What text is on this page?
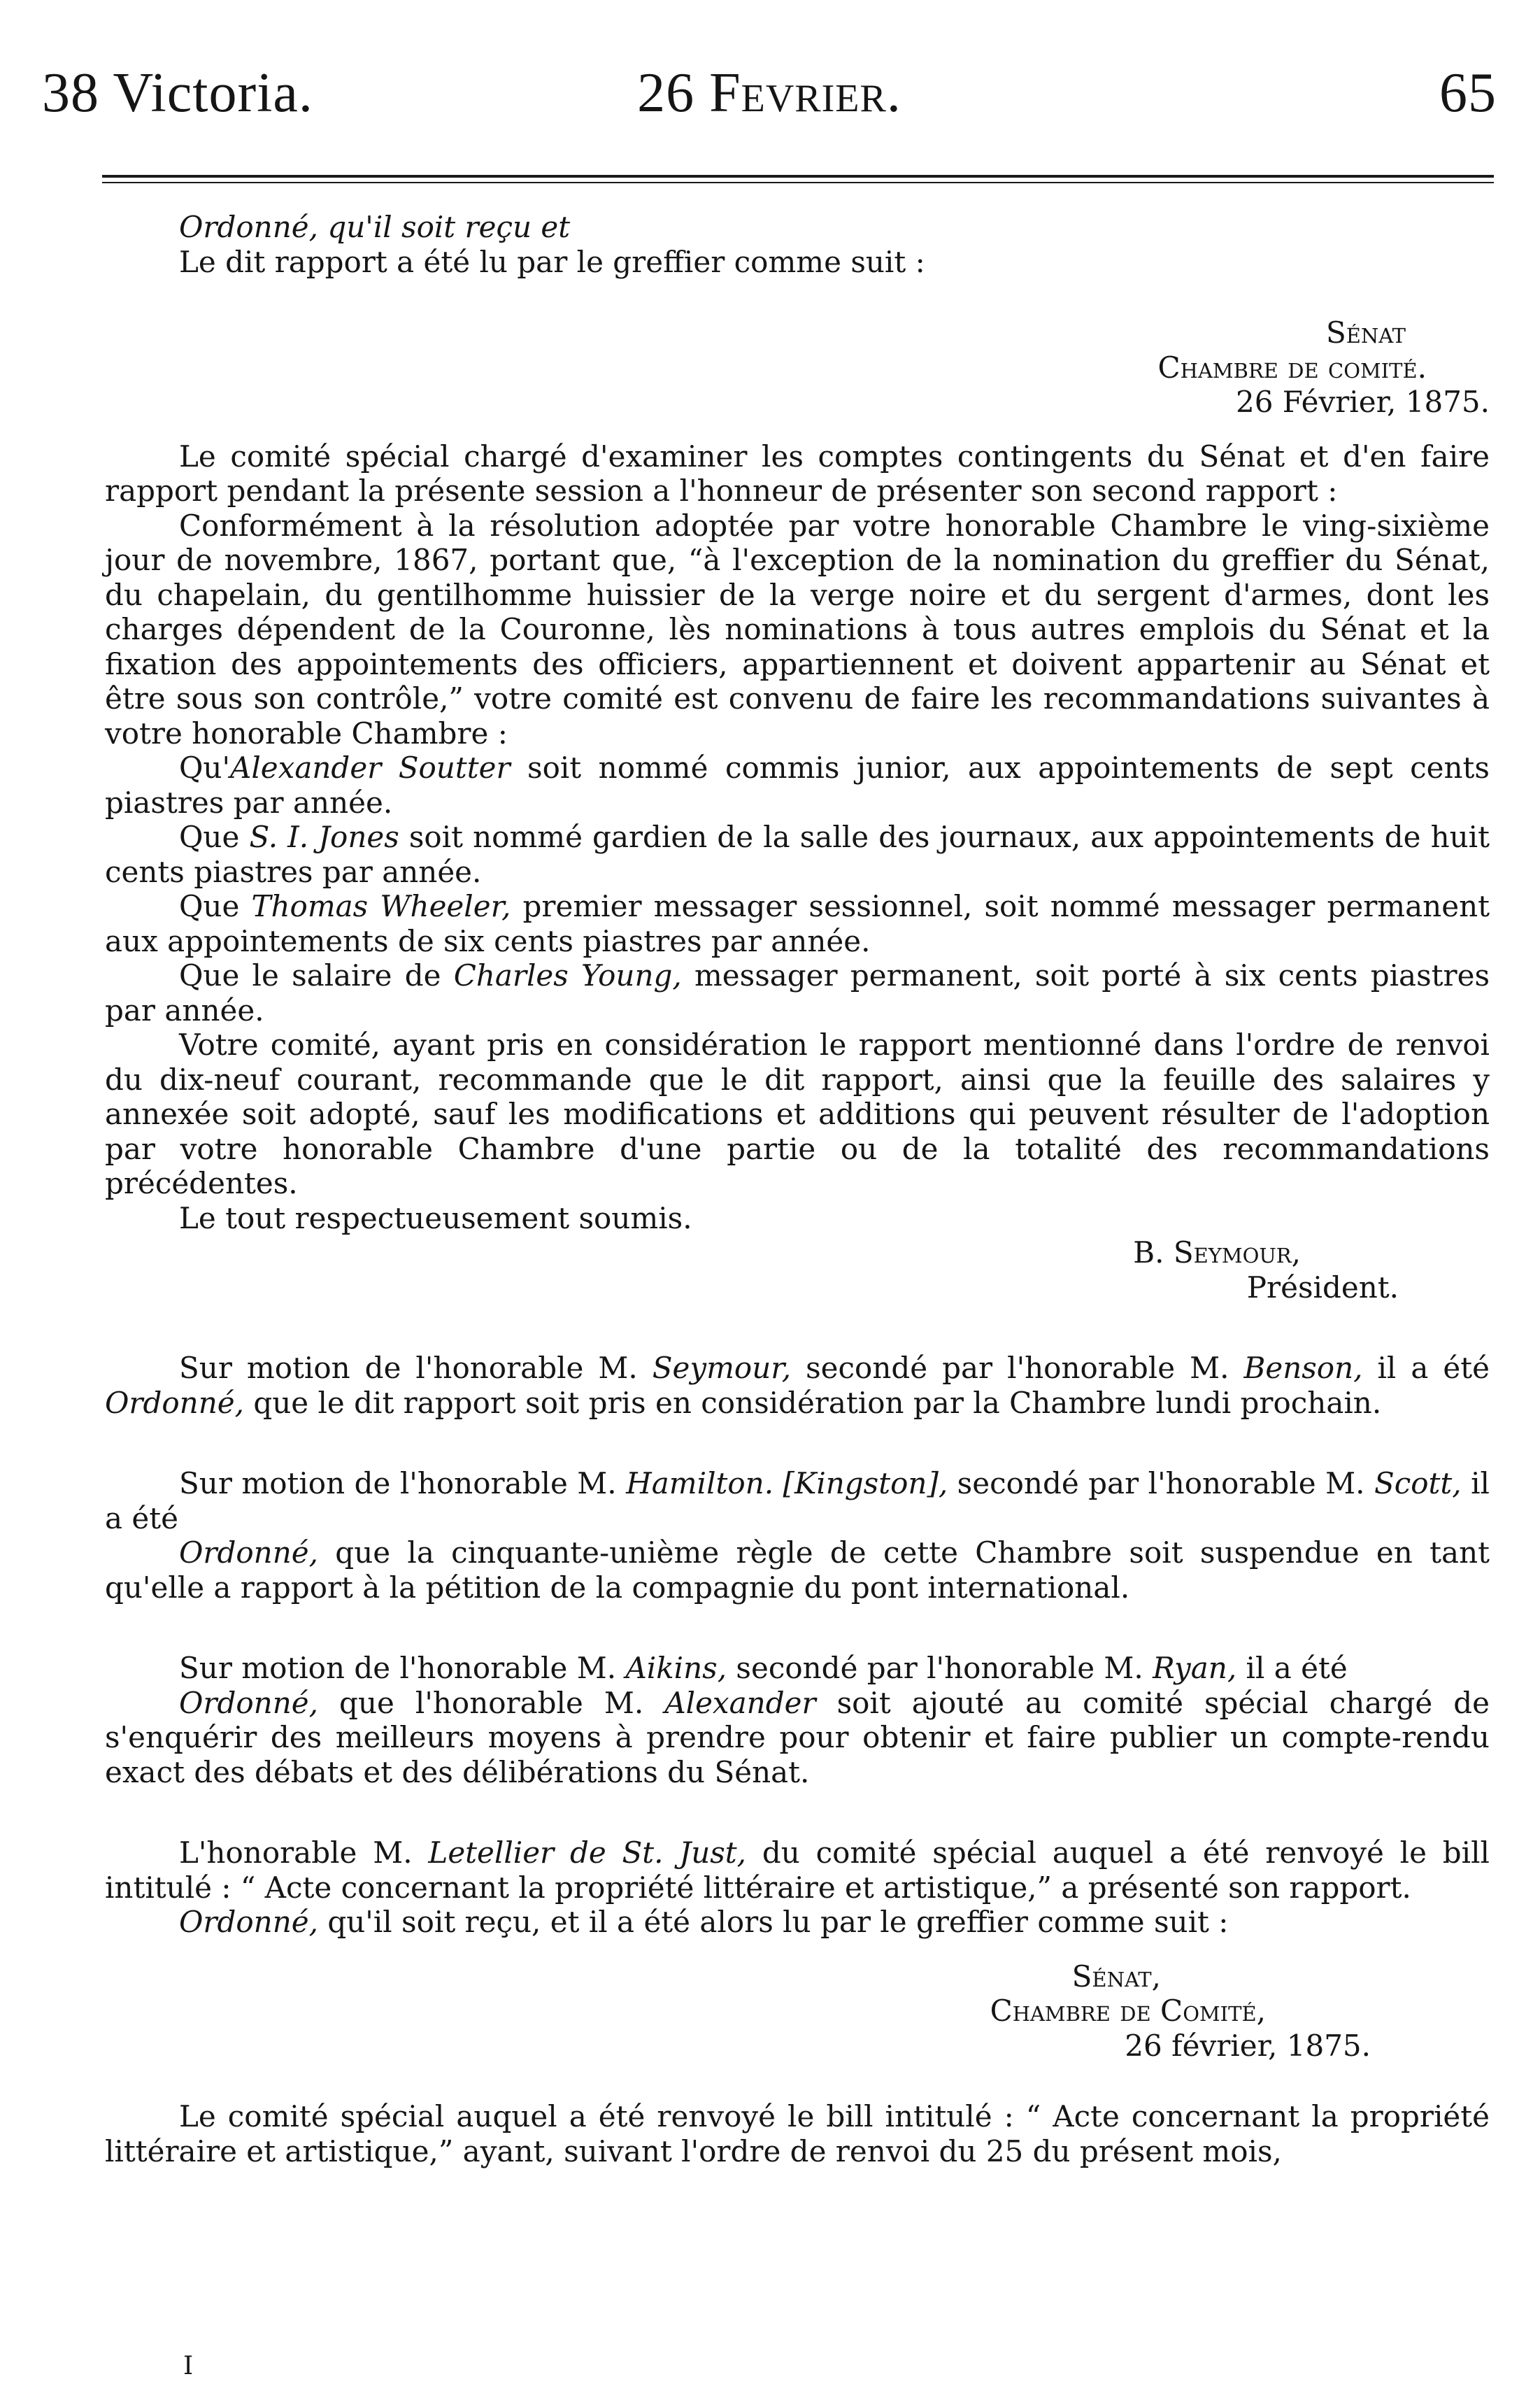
38 Victoria.	26 Fevrier.	65

Ordonné, qu'il soit reçu et

Le dit rapport a été lu par le greffier comme suit :

Sénat

Chambre de comité.

26 Février, 1875.

Le comité spécial chargé d'examiner les comptes contingents du Sénat et d'en faire rapport pendant la présente session a l'honneur de présenter son second rapport :

Conformément à la résolution adoptée par votre honorable Chambre le ving-sixième jour de novembre, 1867, portant que, “à l'exception de la nomination du greffier du Sénat, du chapelain, du gentilhomme huissier de la verge noire et du sergent d'armes, dont les charges dépendent de la Couronne, lès nominations à tous autres emplois du Sénat et la fixation des appointements des officiers, appartiennent et doivent appartenir au Sénat et être sous son contrôle,” votre comité est convenu de faire les recommandations suivantes à votre honorable Chambre :

Qu'Alexander Soutter soit nommé commis junior, aux appointements de sept cents piastres par année.

Que S. I. Jones soit nommé gardien de la salle des journaux, aux appointements de huit cents piastres par année.

Que Thomas Wheeler, premier messager sessionnel, soit nommé messager permanent aux appointements de six cents piastres par année.

Que le salaire de Charles Young, messager permanent, soit porté à six cents piastres par année.

Votre comité, ayant pris en considération le rapport mentionné dans l'ordre de renvoi du dix-neuf courant, recommande que le dit rapport, ainsi que la feuille des salaires y annexée soit adopté, sauf les modifications et additions qui peuvent résulter de l'adoption par votre honorable Chambre d'une partie ou de la totalité des recommandations précédentes.

Le tout respectueusement soumis.

B. Seymour,

Président.

Sur motion de l'honorable M. Seymour, secondé par l'honorable M. Benson, il a été Ordonné, que le dit rapport soit pris en considération par la Chambre lundi prochain.

Sur motion de l'honorable M. Hamilton. [Kingston], secondé par l'honorable M. Scott, il a été

Ordonné, que la cinquante-unième règle de cette Chambre soit suspendue en tant qu'elle a rapport à la pétition de la compagnie du pont international.

Sur motion de l'honorable M. Aikins, secondé par l'honorable M. Ryan, il a été

Ordonné, que l'honorable M. Alexander soit ajouté au comité spécial chargé de s'enquérir des meilleurs moyens à prendre pour obtenir et faire publier un compte-rendu exact des débats et des délibérations du Sénat.

L'honorable M. Letellier de St. Just, du comité spécial auquel a été renvoyé le bill intitulé : “ Acte concernant la propriété littéraire et artistique,” a présenté son rapport.

Ordonné, qu'il soit reçu, et il a été alors lu par le greffier comme suit :

Sénat,

Chambre de Comité,

26 février, 1875.

Le comité spécial auquel a été renvoyé le bill intitulé : “ Acte concernant la propriété littéraire et artistique,” ayant, suivant l'ordre de renvoi du 25 du présent mois,

I
